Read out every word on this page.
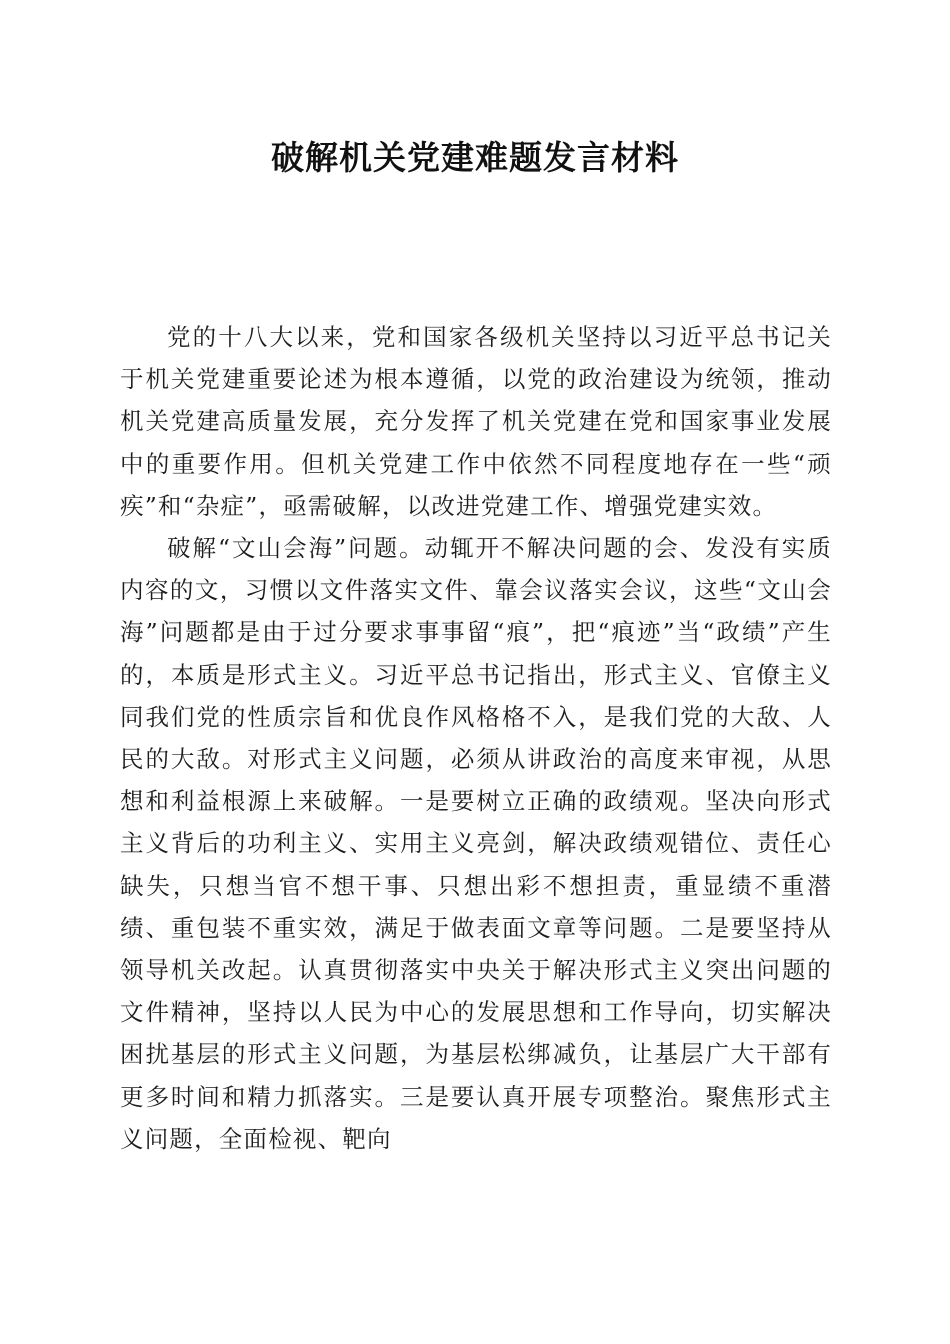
破解机关党建难题发言材料

党的十八大以来，党和国家各级机关坚持以习近平总书记关于机关党建重要论述为根本遵循，以党的政治建设为统领，推动机关党建高质量发展，充分发挥了机关党建在党和国家事业发展中的重要作用。但机关党建工作中依然不同程度地存在一些“顽疾”和“杂症”，亟需破解，以改进党建工作、增强党建实效。

破解“文山会海”问题。动辄开不解决问题的会、发没有实质内容的文，习惯以文件落实文件、靠会议落实会议，这些“文山会海”问题都是由于过分要求事事留“痕”，把“痕迹”当“政绩”产生的，本质是形式主义。习近平总书记指出，形式主义、官僚主义同我们党的性质宗旨和优良作风格格不入，是我们党的大敌、人民的大敌。对形式主义问题，必须从讲政治的高度来审视，从思想和利益根源上来破解。一是要树立正确的政绩观。坚决向形式主义背后的功利主义、实用主义亮剑，解决政绩观错位、责任心缺失，只想当官不想干事、只想出彩不想担责，重显绩不重潜绩、重包装不重实效，满足于做表面文章等问题。二是要坚持从领导机关改起。认真贯彻落实中央关于解决形式主义突出问题的文件精神，坚持以人民为中心的发展思想和工作导向，切实解决困扰基层的形式主义问题，为基层松绑减负，让基层广大干部有更多时间和精力抓落实。三是要认真开展专项整治。聚焦形式主义问题，全面检视、靶向
